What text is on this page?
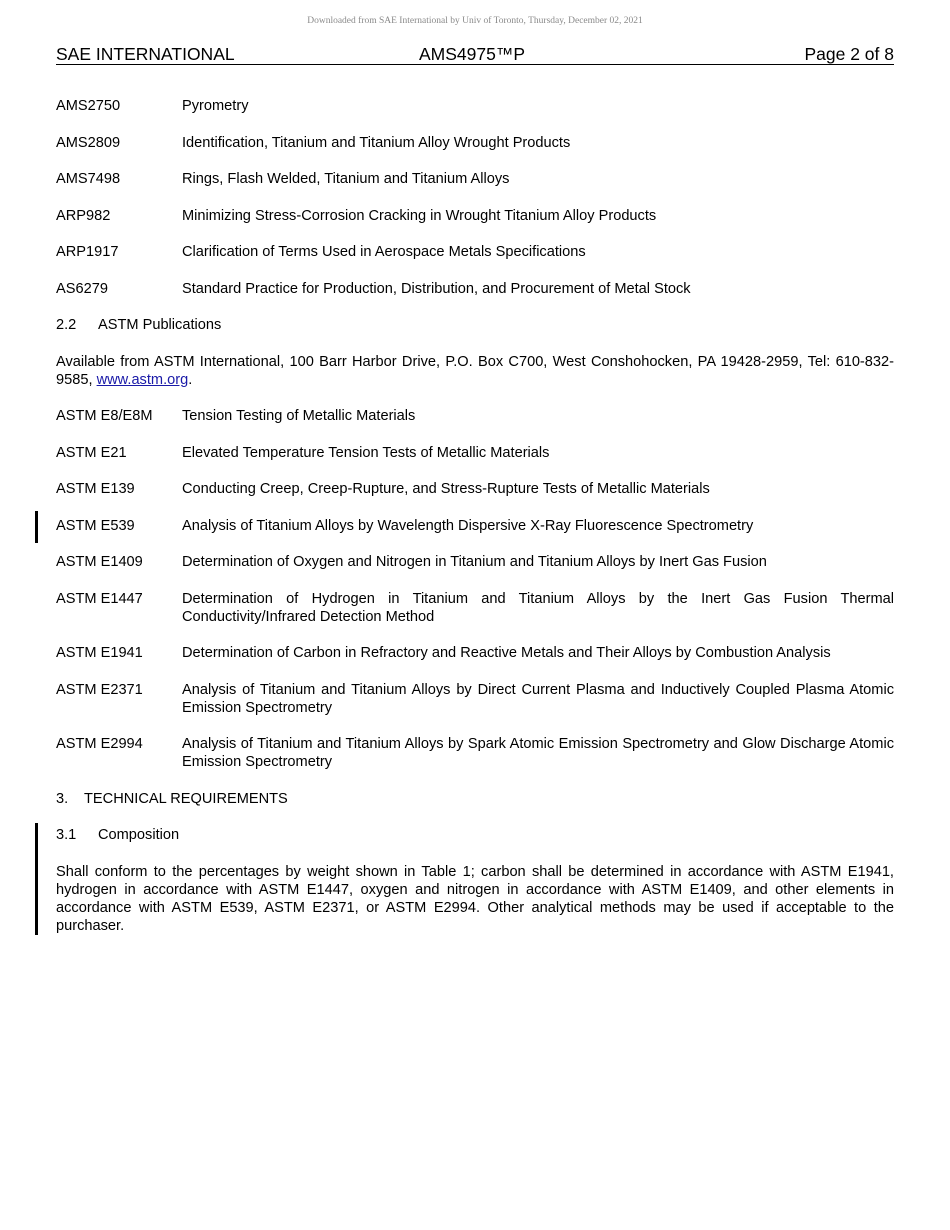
Downloaded from SAE International by Univ of Toronto, Thursday, December 02, 2021
SAE INTERNATIONAL	AMS4975™P	Page 2 of 8
AMS2750	Pyrometry
AMS2809	Identification, Titanium and Titanium Alloy Wrought Products
AMS7498	Rings, Flash Welded, Titanium and Titanium Alloys
ARP982	Minimizing Stress-Corrosion Cracking in Wrought Titanium Alloy Products
ARP1917	Clarification of Terms Used in Aerospace Metals Specifications
AS6279	Standard Practice for Production, Distribution, and Procurement of Metal Stock
2.2	ASTM Publications
Available from ASTM International, 100 Barr Harbor Drive, P.O. Box C700, West Conshohocken, PA 19428-2959, Tel: 610-832-9585, www.astm.org.
ASTM E8/E8M	Tension Testing of Metallic Materials
ASTM E21	Elevated Temperature Tension Tests of Metallic Materials
ASTM E139	Conducting Creep, Creep-Rupture, and Stress-Rupture Tests of Metallic Materials
ASTM E539	Analysis of Titanium Alloys by Wavelength Dispersive X-Ray Fluorescence Spectrometry
ASTM E1409	Determination of Oxygen and Nitrogen in Titanium and Titanium Alloys by Inert Gas Fusion
ASTM E1447	Determination of Hydrogen in Titanium and Titanium Alloys by the Inert Gas Fusion Thermal Conductivity/Infrared Detection Method
ASTM E1941	Determination of Carbon in Refractory and Reactive Metals and Their Alloys by Combustion Analysis
ASTM E2371	Analysis of Titanium and Titanium Alloys by Direct Current Plasma and Inductively Coupled Plasma Atomic Emission Spectrometry
ASTM E2994	Analysis of Titanium and Titanium Alloys by Spark Atomic Emission Spectrometry and Glow Discharge Atomic Emission Spectrometry
3.	TECHNICAL REQUIREMENTS
3.1	Composition
Shall conform to the percentages by weight shown in Table 1; carbon shall be determined in accordance with ASTM E1941, hydrogen in accordance with ASTM E1447, oxygen and nitrogen in accordance with ASTM E1409, and other elements in accordance with ASTM E539, ASTM E2371, or ASTM E2994. Other analytical methods may be used if acceptable to the purchaser.
